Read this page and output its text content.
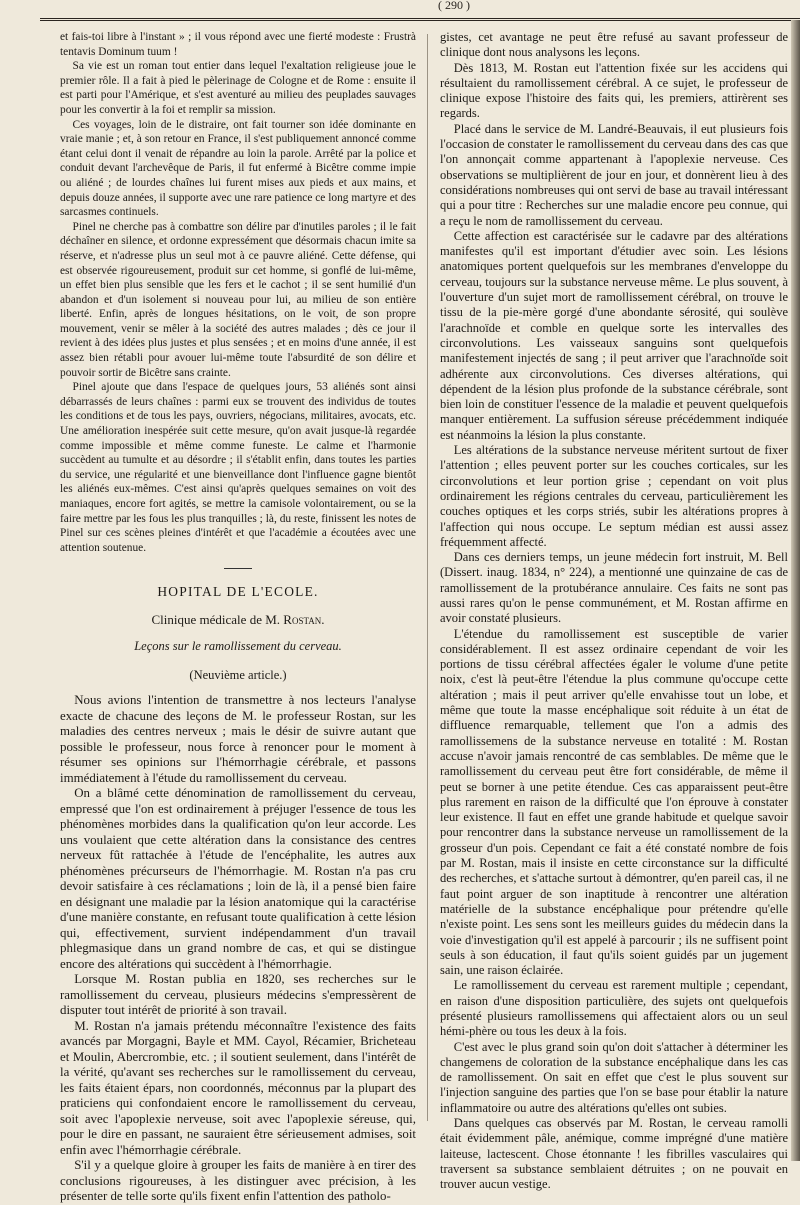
( 290 )

et fais-toi libre à l'instant » ; il vous répond avec une fierté modeste : Frustrà tentavis Dominum tuum !

Sa vie est un roman tout entier dans lequel l'exaltation religieuse joue le premier rôle. Il a fait à pied le pèlerinage de Cologne et de Rome : ensuite il est parti pour l'Amérique, et s'est aventuré au milieu des peuplades sauvages pour les convertir à la foi et remplir sa mission.

Ces voyages, loin de le distraire, ont fait tourner son idée dominante en vraie manie ; et, à son retour en France, il s'est publiquement annoncé comme étant celui dont il venait de répandre au loin la parole. Arrêté par la police et conduit devant l'archevêque de Paris, il fut enfermé à Bicêtre comme impie ou aliéné ; de lourdes chaînes lui furent mises aux pieds et aux mains, et depuis douze années, il supporte avec une rare patience ce long martyre et des sarcasmes continuels.

Pinel ne cherche pas à combattre son délire par d'inutiles paroles ; il le fait déchaîner en silence, et ordonne expressément que désormais chacun imite sa réserve, et n'adresse plus un seul mot à ce pauvre aliéné. Cette défense, qui est observée rigoureusement, produit sur cet homme, si gonflé de lui-même, un effet bien plus sensible que les fers et le cachot ; il se sent humilié d'un abandon et d'un isolement si nouveau pour lui, au milieu de son entière liberté. Enfin, après de longues hésitations, on le voit, de son propre mouvement, venir se mêler à la société des autres malades ; dès ce jour il revient à des idées plus justes et plus sensées ; et en moins d'une année, il est assez bien rétabli pour avouer lui-même toute l'absurdité de son délire et pouvoir sortir de Bicêtre sans crainte.

Pinel ajoute que dans l'espace de quelques jours, 53 aliénés sont ainsi débarrassés de leurs chaînes : parmi eux se trouvent des individus de toutes les conditions et de tous les pays, ouvriers, négocians, militaires, avocats, etc. Une amélioration inespérée suit cette mesure, qu'on avait jusque-là regardée comme impossible et même comme funeste. Le calme et l'harmonie succèdent au tumulte et au désordre ; il s'établit enfin, dans toutes les parties du service, une régularité et une bienveillance dont l'influence gagne bientôt les aliénés eux-mêmes. C'est ainsi qu'après quelques semaines on voit des maniaques, encore fort agités, se mettre la camisole volontairement, ou se la faire mettre par les fous les plus tranquilles ; là, du reste, finissent les notes de Pinel sur ces scènes pleines d'intérêt et que l'académie a écoutées avec une attention soutenue.

HOPITAL DE L'ECOLE.

Clinique médicale de M. Rostan.

Leçons sur le ramollissement du cerveau.

(Neuvième article.)

Nous avions l'intention de transmettre à nos lecteurs l'analyse exacte de chacune des leçons de M. le professeur Rostan, sur les maladies des centres nerveux ; mais le désir de suivre autant que possible le professeur, nous force à renoncer pour le moment à résumer ses opinions sur l'hémorrhagie cérébrale, et passons immédiatement à l'étude du ramollissement du cerveau.

On a blâmé cette dénomination de ramollissement du cerveau, empressé que l'on est ordinairement à préjuger l'essence de tous les phénomènes morbides dans la qualification qu'on leur accorde. Les uns voulaient que cette altération dans la consistance des centres nerveux fût rattachée à l'étude de l'encéphalite, les autres aux phénomènes précurseurs de l'hémorrhagie. M. Rostan n'a pas cru devoir satisfaire à ces réclamations ; loin de là, il a pensé bien faire en désignant une maladie par la lésion anatomique qui la caractérise d'une manière constante, en refusant toute qualification à cette lésion qui, effectivement, survient indépendamment d'un travail phlegmasique dans un grand nombre de cas, et qui se distingue encore des altérations qui succèdent à l'hémorrhagie.

Lorsque M. Rostan publia en 1820, ses recherches sur le ramollissement du cerveau, plusieurs médecins s'empressèrent de disputer tout intérêt de priorité à son travail.

M. Rostan n'a jamais prétendu méconnaître l'existence des faits avancés par Morgagni, Bayle et MM. Cayol, Récamier, Bricheteau et Moulin, Abercrombie, etc. ; il soutient seulement, dans l'intérêt de la vérité, qu'avant ses recherches sur le ramollissement du cerveau, les faits étaient épars, non coordonnés, méconnus par la plupart des praticiens qui confondaient encore le ramollissement du cerveau, soit avec l'apoplexie nerveuse, soit avec l'apoplexie séreuse, qui, pour le dire en passant, ne sauraient être sérieusement admises, soit enfin avec l'hémorrhagie cérébrale.

S'il y a quelque gloire à grouper les faits de manière à en tirer des conclusions rigoureuses, à les distinguer avec précision, à les présenter de telle sorte qu'ils fixent enfin l'attention des patholo-

gistes, cet avantage ne peut être refusé au savant professeur de clinique dont nous analysons les leçons.

Dès 1813, M. Rostan eut l'attention fixée sur les accidens qui résultaient du ramollissement cérébral. A ce sujet, le professeur de clinique expose l'histoire des faits qui, les premiers, attirèrent ses regards.

Placé dans le service de M. Landré-Beauvais, il eut plusieurs fois l'occasion de constater le ramollissement du cerveau dans des cas que l'on annonçait comme appartenant à l'apoplexie nerveuse. Ces observations se multiplièrent de jour en jour, et donnèrent lieu à des considérations nombreuses qui ont servi de base au travail intéressant qui a pour titre : Recherches sur une maladie encore peu connue, qui a reçu le nom de ramollissement du cerveau.

Cette affection est caractérisée sur le cadavre par des altérations manifestes qu'il est important d'étudier avec soin. Les lésions anatomiques portent quelquefois sur les membranes d'enveloppe du cerveau, toujours sur la substance nerveuse même. Le plus souvent, à l'ouverture d'un sujet mort de ramollissement cérébral, on trouve le tissu de la pie-mère gorgé d'une abondante sérosité, qui soulève l'arachnoïde et comble en quelque sorte les intervalles des circonvolutions. Les vaisseaux sanguins sont quelquefois manifestement injectés de sang ; il peut arriver que l'arachnoïde soit adhérente aux circonvolutions. Ces diverses altérations, qui dépendent de la lésion plus profonde de la substance cérébrale, sont bien loin de constituer l'essence de la maladie et peuvent quelquefois manquer entièrement. La suffusion séreuse précédemment indiquée est néanmoins la lésion la plus constante.

Les altérations de la substance nerveuse méritent surtout de fixer l'attention ; elles peuvent porter sur les couches corticales, sur les circonvolutions et leur portion grise ; cependant on voit plus ordinairement les régions centrales du cerveau, particulièrement les couches optiques et les corps striés, subir les altérations propres à l'affection qui nous occupe. Le septum médian est aussi assez fréquemment affecté.

Dans ces derniers temps, un jeune médecin fort instruit, M. Bell (Dissert. inaug. 1834, n° 224), a mentionné une quinzaine de cas de ramollissement de la protubérance annulaire. Ces faits ne sont pas aussi rares qu'on le pense communément, et M. Rostan affirme en avoir constaté plusieurs.

L'étendue du ramollissement est susceptible de varier considérablement. Il est assez ordinaire cependant de voir les portions de tissu cérébral affectées égaler le volume d'une petite noix, c'est là peut-être l'étendue la plus commune qu'occupe cette altération ; mais il peut arriver qu'elle envahisse tout un lobe, et même que toute la masse encéphalique soit réduite à un état de diffluence remarquable, tellement que l'on a admis des ramollissemens de la substance nerveuse en totalité : M. Rostan accuse n'avoir jamais rencontré de cas semblables. De même que le ramollissement du cerveau peut être fort considérable, de même il peut se borner à une petite étendue. Ces cas apparaissent peut-être plus rarement en raison de la difficulté que l'on éprouve à constater leur existence. Il faut en effet une grande habitude et quelque savoir pour rencontrer dans la substance nerveuse un ramollissement de la grosseur d'un pois. Cependant ce fait a été constaté nombre de fois par M. Rostan, mais il insiste en cette circonstance sur la difficulté des recherches, et s'attache surtout à démontrer, qu'en pareil cas, il ne faut point arguer de son inaptitude à rencontrer une altération matérielle de la substance encéphalique pour prétendre qu'elle n'existe point. Les sens sont les meilleurs guides du médecin dans la voie d'investigation qu'il est appelé à parcourir ; ils ne suffisent point seuls à son éducation, il faut qu'ils soient guidés par un jugement sain, une raison éclairée.

Le ramollissement du cerveau est rarement multiple ; cependant, en raison d'une disposition particulière, des sujets ont quelquefois présenté plusieurs ramollissemens qui affectaient alors ou un seul hémi-phère ou tous les deux à la fois.

C'est avec le plus grand soin qu'on doit s'attacher à déterminer les changemens de coloration de la substance encéphalique dans les cas de ramollissement. On sait en effet que c'est le plus souvent sur l'injection sanguine des parties que l'on se base pour établir la nature inflammatoire ou autre des altérations qu'elles ont subies.

Dans quelques cas observés par M. Rostan, le cerveau ramolli était évidemment pâle, anémique, comme imprégné d'une matière laiteuse, lactescent. Chose étonnante ! les fibrilles vasculaires qui traversent sa substance semblaient détruites ; on ne pouvait en trouver aucun vestige.
